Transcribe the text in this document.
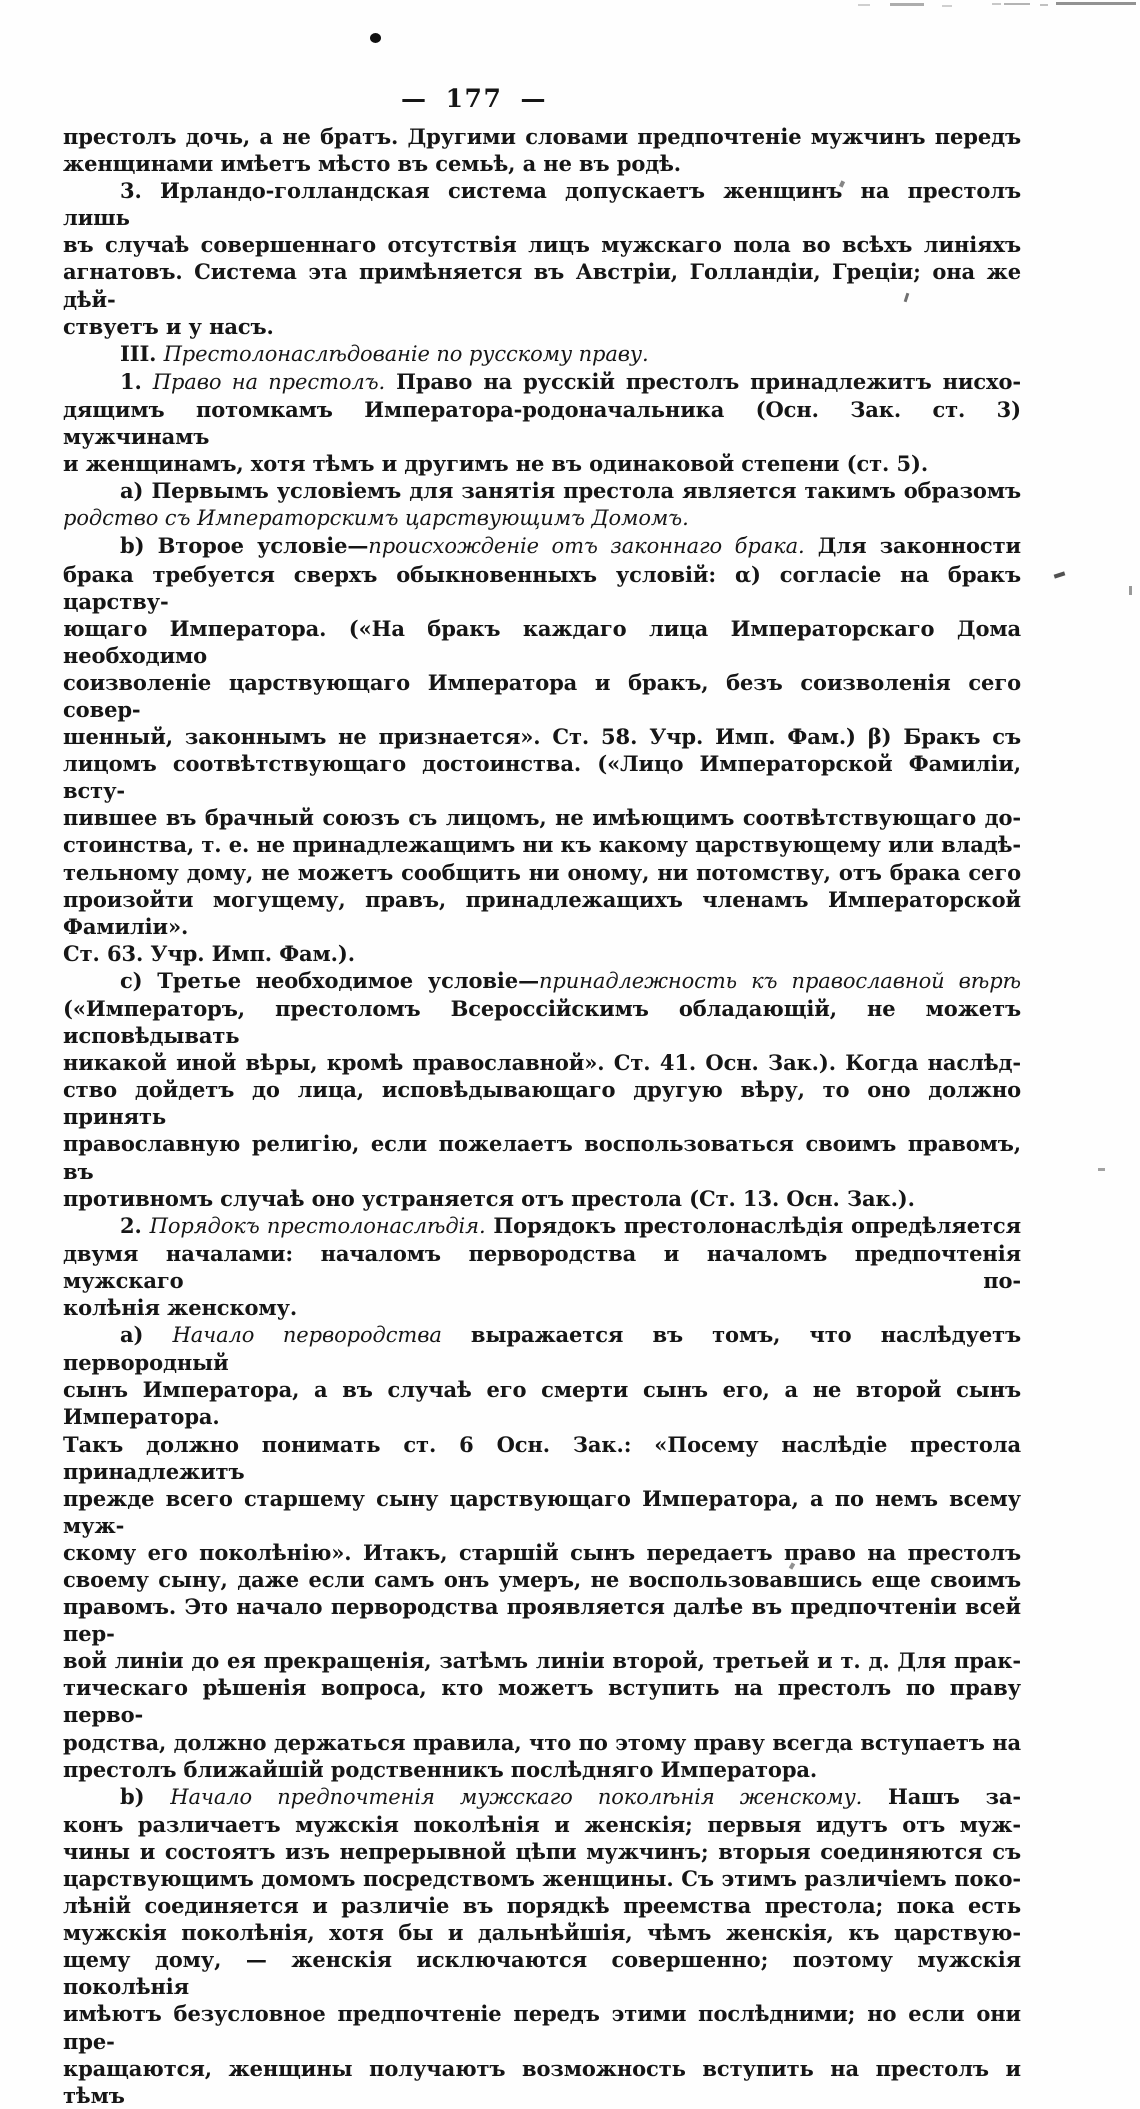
— 177 —
престолъ дочь, а не братъ. Другими словами предпочтеніе мужчинъ передъ
женщинами имѣетъ мѣсто въ семьѣ, а не въ родѣ.
3. Ирландо-голландская система допускаетъ женщинъ на престолъ лишь
въ случаѣ совершеннаго отсутствія лицъ мужскаго пола во всѣхъ линіяхъ
агнатовъ. Система эта примѣняется въ Австріи, Голландіи, Греціи; она же дѣй-
ствуетъ и у насъ.
III. Престолонаслѣдованіе по русскому праву.
1. Право на престолъ. Право на русскій престолъ принадлежитъ нисхо-
дящимъ потомкамъ Императора-родоначальника (Осн. Зак. ст. 3) мужчинамъ
и женщинамъ, хотя тѣмъ и другимъ не въ одинаковой степени (ст. 5).
а) Первымъ условіемъ для занятія престола является такимъ образомъ
родство съ Императорскимъ царствующимъ Домомъ.
b) Второе условіе—происхожденіе отъ законнаго брака. Для законности
брака требуется сверхъ обыкновенныхъ условій: α) согласіе на бракъ царству-
ющаго Императора. («На бракъ каждаго лица Императорскаго Дома необходимо
соизволеніе царствующаго Императора и бракъ, безъ соизволенія сего совер-
шенный, законнымъ не признается». Ст. 58. Учр. Имп. Фам.) β) Бракъ съ
лицомъ соотвѣтствующаго достоинства. («Лицо Императорской Фамиліи, всту-
пившее въ брачный союзъ съ лицомъ, не имѣющимъ соотвѣтствующаго до-
стоинства, т. е. не принадлежащимъ ни къ какому царствующему или владѣ-
тельному дому, не можетъ сообщить ни оному, ни потомству, отъ брака сего
произойти могущему, правъ, принадлежащихъ членамъ Императорской Фамиліи».
Ст. 63. Учр. Имп. Фам.).
с) Третье необходимое условіе—принадлежность къ православной вѣрѣ
(«Императоръ, престоломъ Всероссійскимъ обладающій, не можетъ исповѣдывать
никакой иной вѣры, кромѣ православной». Ст. 41. Осн. Зак.). Когда наслѣд-
ство дойдетъ до лица, исповѣдывающаго другую вѣру, то оно должно принять
православную религію, если пожелаетъ воспользоваться своимъ правомъ, въ
противномъ случаѣ оно устраняется отъ престола (Ст. 13. Осн. Зак.).
2. Порядокъ престолонаслѣдія. Порядокъ престолонаслѣдія опредѣляется
двумя началами: началомъ первородства и началомъ предпочтенія мужскаго по-
колѣнія женскому.
а) Начало первородства выражается въ томъ, что наслѣдуетъ первородный
сынъ Императора, а въ случаѣ его смерти сынъ его, а не второй сынъ Императора.
Такъ должно понимать ст. 6 Осн. Зак.: «Посему наслѣдіе престола принадлежитъ
прежде всего старшему сыну царствующаго Императора, а по немъ всему муж-
скому его поколѣнію». Итакъ, старшій сынъ передаетъ право на престолъ
своему сыну, даже если самъ онъ умеръ, не воспользовавшись еще своимъ
правомъ. Это начало первородства проявляется далѣе въ предпочтеніи всей пер-
вой линіи до ея прекращенія, затѣмъ линіи второй, третьей и т. д. Для прак-
тическаго рѣшенія вопроса, кто можетъ вступить на престолъ по праву перво-
родства, должно держаться правила, что по этому праву всегда вступаетъ на
престолъ ближайшій родственникъ послѣдняго Императора.
b) Начало предпочтенія мужскаго поколѣнія женскому. Нашъ за-
конъ различаетъ мужскія поколѣнія и женскія; первыя идутъ отъ муж-
чины и состоятъ изъ непрерывной цѣпи мужчинъ; вторыя соединяются съ
царствующимъ домомъ посредствомъ женщины. Съ этимъ различіемъ поко-
лѣній соединяется и различіе въ порядкѣ преемства престола; пока есть
мужскія поколѣнія, хотя бы и дальнѣйшія, чѣмъ женскія, къ царствую-
щему дому, — женскія исключаются совершенно; поэтому мужскія поколѣнія
имѣютъ безусловное предпочтеніе передъ этими послѣдними; но если они пре-
кращаются, женщины получаютъ возможность вступить на престолъ и тѣмъ
